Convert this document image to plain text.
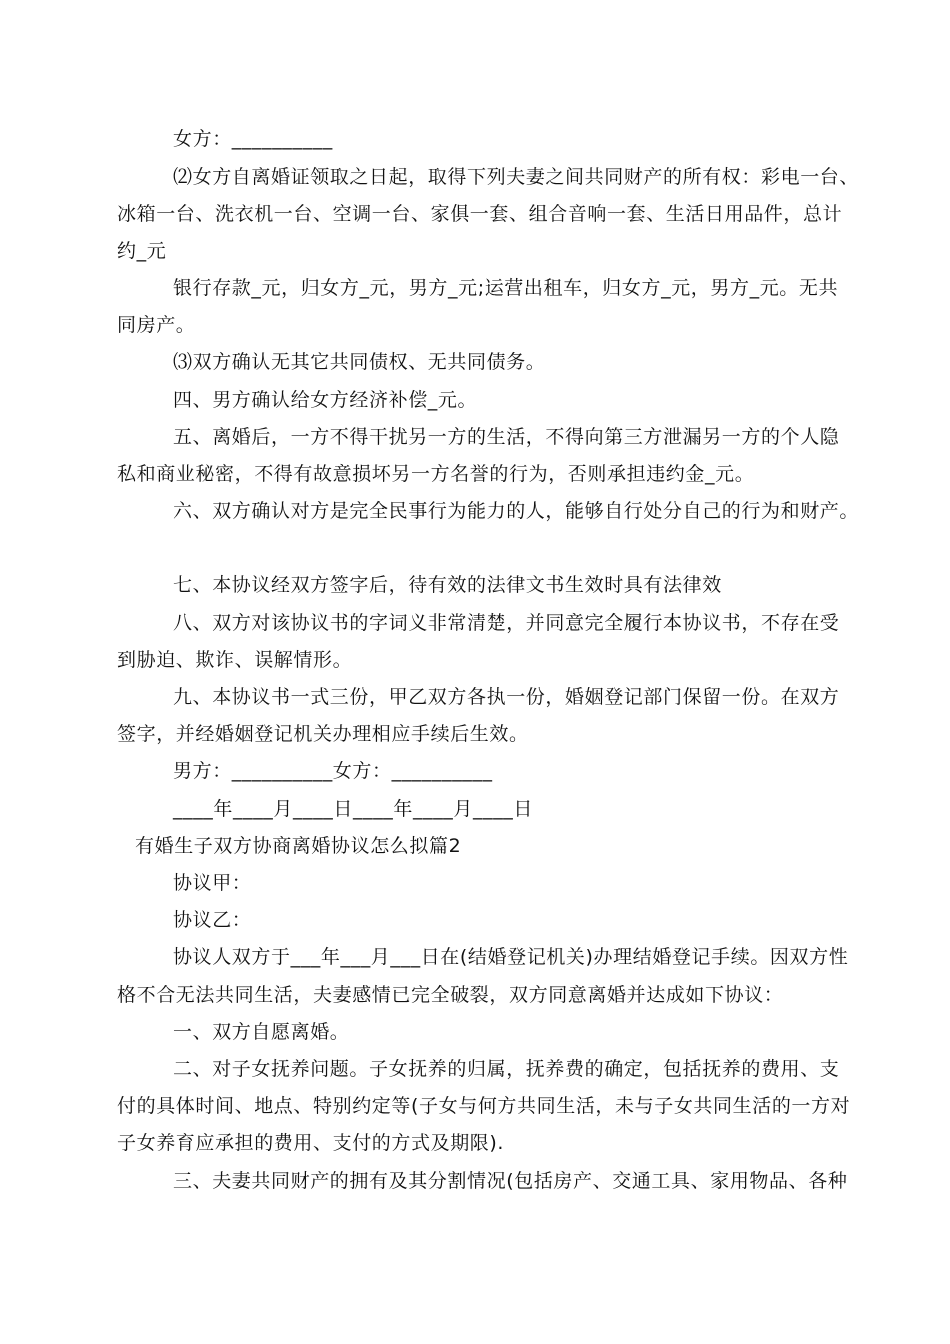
女方：__________
⑵女方自离婚证领取之日起，取得下列夫妻之间共同财产的所有权：彩电一台、
冰箱一台、洗衣机一台、空调一台、家俱一套、组合音响一套、生活日用品件，总计
约_元
银行存款_元，归女方_元，男方_元;运营出租车，归女方_元，男方_元。无共
同房产。
⑶双方确认无其它共同债权、无共同债务。
四、男方确认给女方经济补偿_元。
五、离婚后，一方不得干扰另一方的生活，不得向第三方泄漏另一方的个人隐
私和商业秘密，不得有故意损坏另一方名誉的行为，否则承担违约金_元。
六、双方确认对方是完全民事行为能力的人，能够自行处分自己的行为和财产。
七、本协议经双方签字后，待有效的法律文书生效时具有法律效
八、双方对该协议书的字词义非常清楚，并同意完全履行本协议书，不存在受
到胁迫、欺诈、误解情形。
九、本协议书一式三份，甲乙双方各执一份，婚姻登记部门保留一份。在双方
签字，并经婚姻登记机关办理相应手续后生效。
男方：__________女方：__________
____年____月____日____年____月____日
有婚生子双方协商离婚协议怎么拟篇2
协议甲：
协议乙：
协议人双方于___年___月___日在(结婚登记机关)办理结婚登记手续。因双方性
格不合无法共同生活，夫妻感情已完全破裂，双方同意离婚并达成如下协议：
一、双方自愿离婚。
二、对子女抚养问题。子女抚养的归属，抚养费的确定，包括抚养的费用、支
付的具体时间、地点、特别约定等(子女与何方共同生活，未与子女共同生活的一方对
子女养育应承担的费用、支付的方式及期限).
三、夫妻共同财产的拥有及其分割情况(包括房产、交通工具、家用物品、各种
